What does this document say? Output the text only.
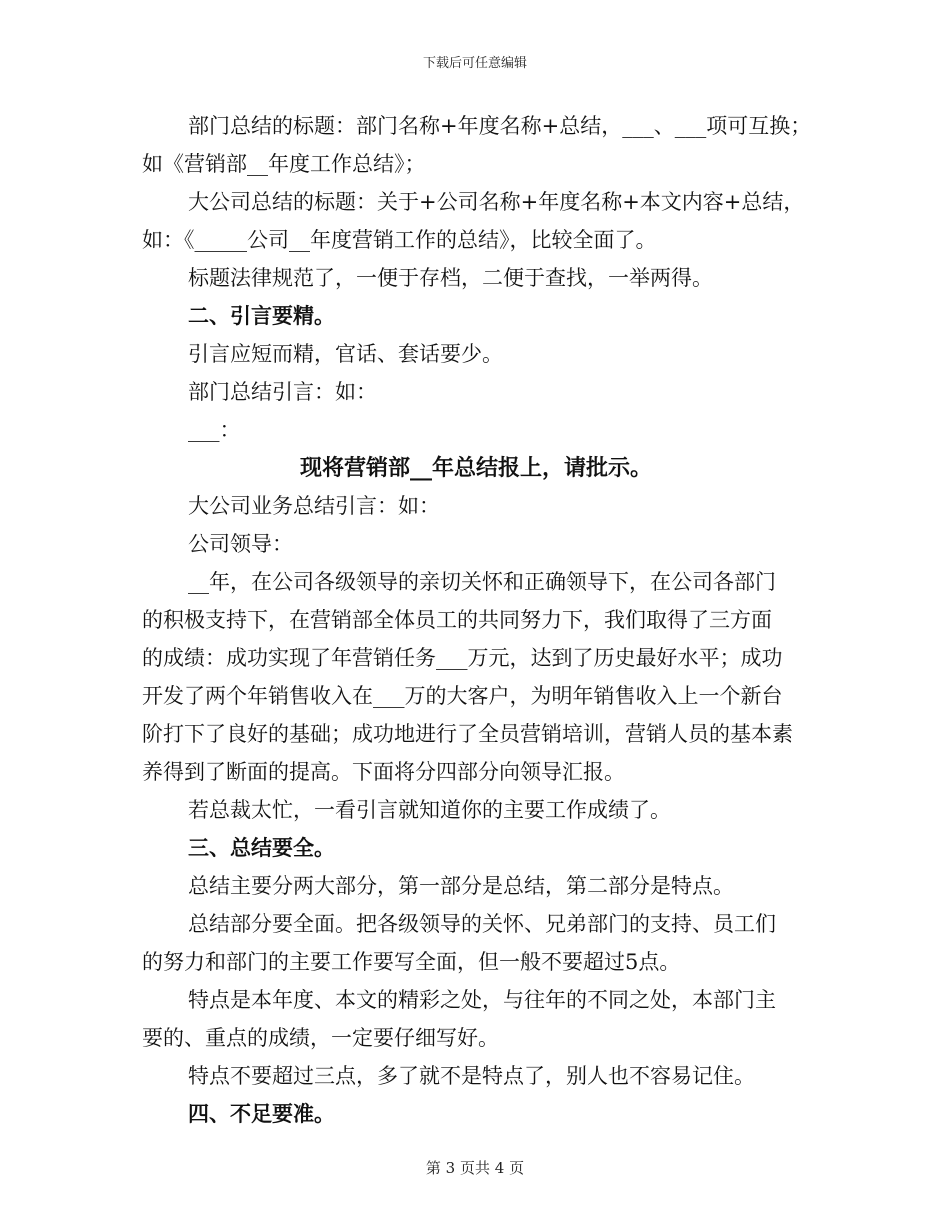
下载后可任意编辑

部门总结的标题：部门名称+年度名称+总结，___、___项可互换；
如《营销部__年度工作总结》；

大公司总结的标题：关于+公司名称+年度名称+本文内容+总结，
如：《_____公司__年度营销工作的总结》，比较全面了。

标题法律规范了，一便于存档，二便于查找，一举两得。

二、引言要精。

引言应短而精，官话、套话要少。

部门总结引言：如：

___：

现将营销部__年总结报上，请批示。

大公司业务总结引言：如：

公司领导：

__年，在公司各级领导的亲切关怀和正确领导下，在公司各部门
的积极支持下，在营销部全体员工的共同努力下，我们取得了三方面
的成绩：成功实现了年营销任务___万元，达到了历史最好水平；成功
开发了两个年销售收入在___万的大客户，为明年销售收入上一个新台
阶打下了良好的基础；成功地进行了全员营销培训，营销人员的基本素
养得到了断面的提高。下面将分四部分向领导汇报。

若总裁太忙，一看引言就知道你的主要工作成绩了。

三、总结要全。

总结主要分两大部分，第一部分是总结，第二部分是特点。

总结部分要全面。把各级领导的关怀、兄弟部门的支持、员工们
的努力和部门的主要工作要写全面，但一般不要超过5点。

特点是本年度、本文的精彩之处，与往年的不同之处，本部门主
要的、重点的成绩，一定要仔细写好。

特点不要超过三点，多了就不是特点了，别人也不容易记住。

四、不足要准。

第 3 页共 4 页
